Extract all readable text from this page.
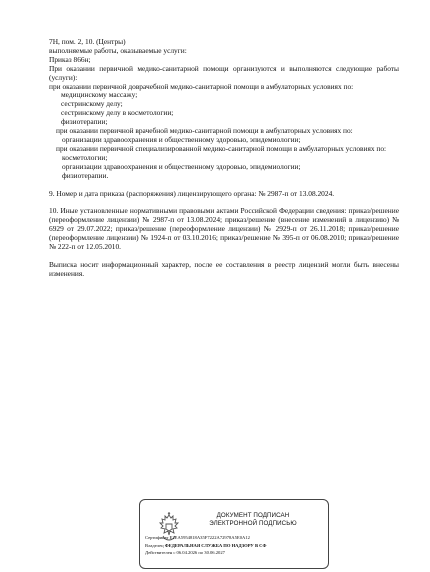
7Н, пом. 2, 10. (Центры)
выполняемые работы, оказываемые услуги:
Приказ 866н;
При оказании первичной медико-санитарной помощи организуются и выполняются следующие работы (услуги):
при оказании первичной доврачебной медико-санитарной помощи в амбулаторных условиях по:
медицинскому массажу;
сестринскому делу;
сестринскому делу в косметологии;
физиотерапии;
при оказании первичной врачебной медико-санитарной помощи в амбулаторных условиях по:
организации здравоохранения и общественному здоровью, эпидемиологии;
при оказании первичной специализированной медико-санитарной помощи в амбулаторных условиях по:
косметологии;
организации здравоохранения и общественному здоровью, эпидемиологии;
физиотерапии.
9. Номер и дата приказа (распоряжения) лицензирующего органа: № 2987-п от 13.08.2024.
10. Иные установленные нормативными правовыми актами Российской Федерации сведения: приказ/решение (переоформление лицензии) № 2987-п от 13.08.2024; приказ/решение (внесение изменений в лицензию) № 6929 от 29.07.2022; приказ/решение (переоформление лицензии) № 2929-п от 26.11.2018; приказ/решение (переоформление лицензии) № 1924-п от 03.10.2016; приказ/решение № 395-п от 06.08.2010; приказ/решение № 222-п от 12.05.2010.
Выписка носит информационный характер, после ее составления в реестр лицензий могли быть внесены изменения.
ДОКУМЕНТ ПОДПИСАН
ЭЛЕКТРОННОЙ ПОДПИСЬЮ
Сертификат E2EA5954818A35F7222A72978A5E0A12
Владелец ФЕДЕРАЛЬНАЯ СЛУЖБА ПО НАДЗОРУ В СФ
Действителен с 06.04.2026 по 30.06.2027
